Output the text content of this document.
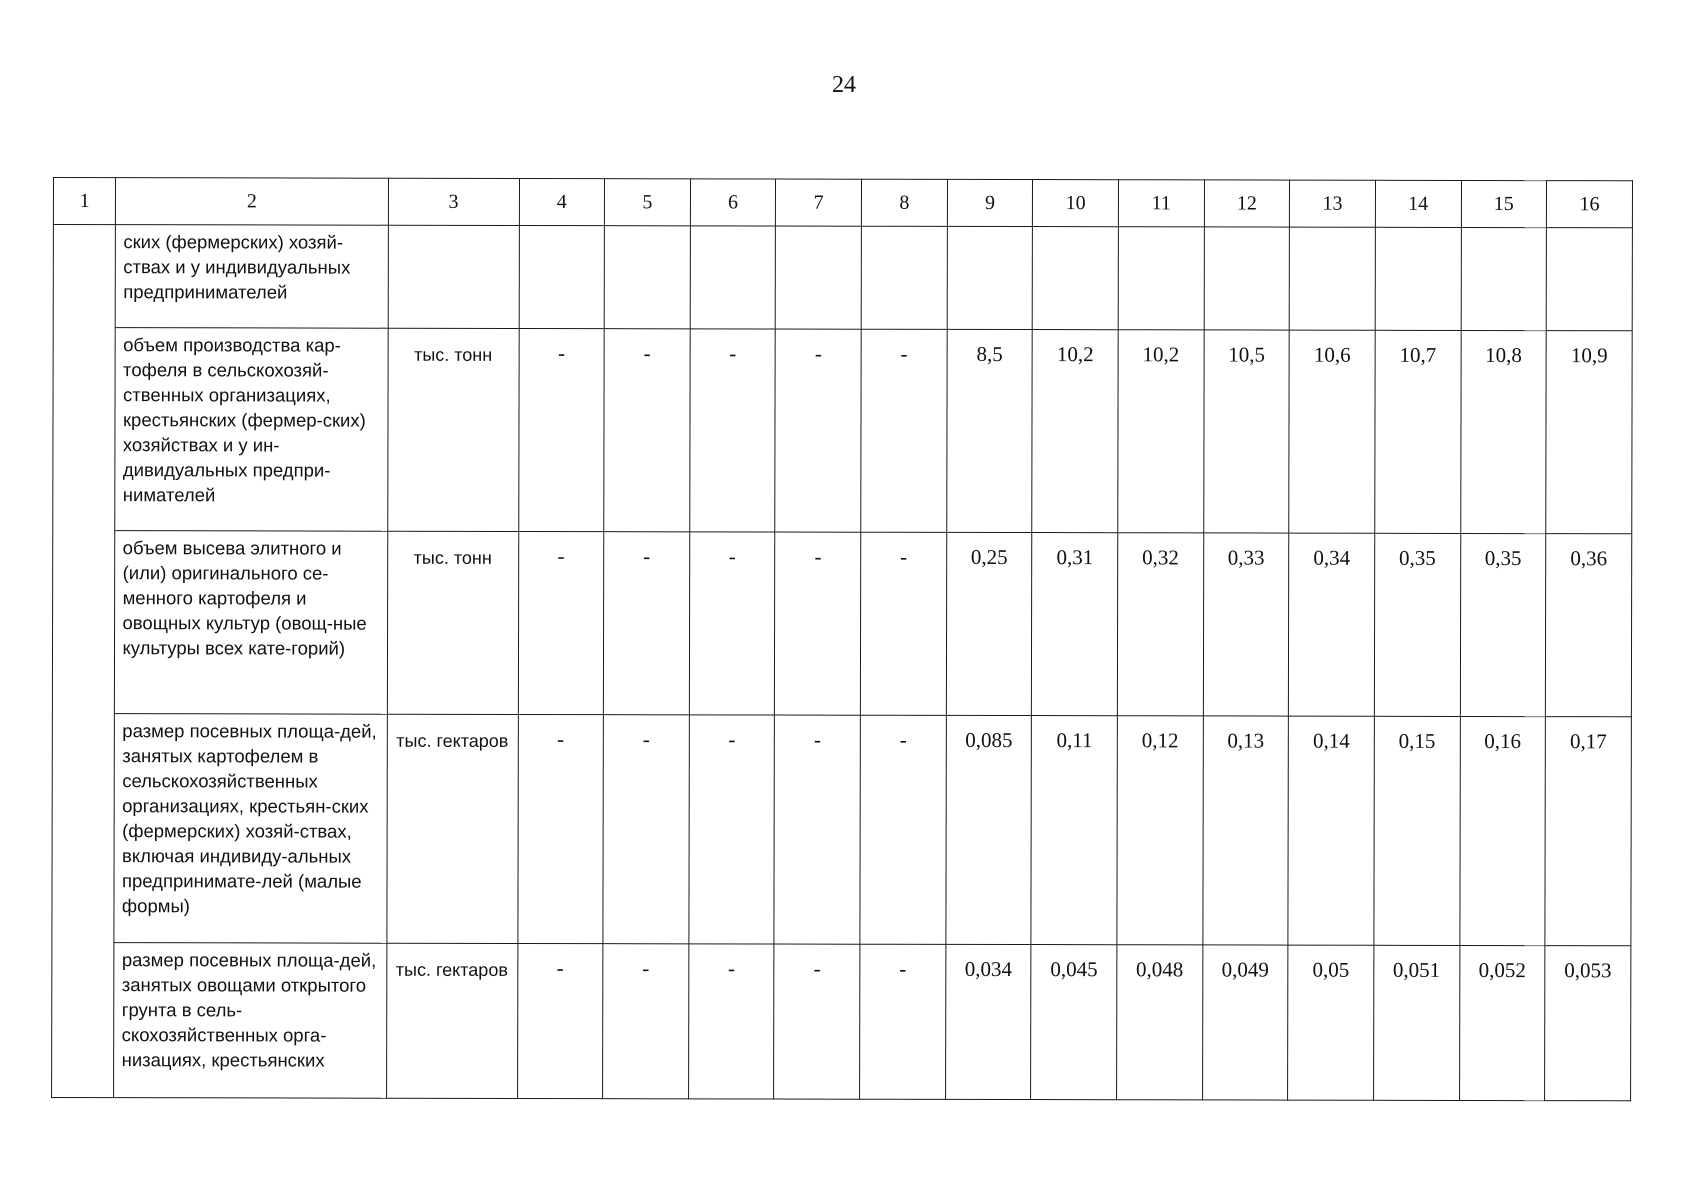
24
1	2	3	4	5	6	7	8	9	10	11	12	13	14	15	16
	ских (фермерских) хозяй-ствах и у индивидуальных предпринимателей														
	объем производства кар-тофеля в сельскохозяй-ственных организациях, крестьянских (фермер-ских) хозяйствах и у ин-дивидуальных предпри-нимателей	тыс. тонн	-	-	-	-	-	8,5	10,2	10,2	10,5	10,6	10,7	10,8	10,9
	объем высева элитного и (или) оригинального се-менного картофеля и овощных культур (овощ-ные культуры всех кате-горий)	тыс. тонн	-	-	-	-	-	0,25	0,31	0,32	0,33	0,34	0,35	0,35	0,36
	размер посевных площа-дей, занятых картофелем в сельскохозяйственных организациях, крестьян-ских (фермерских) хозяй-ствах, включая индивиду-альных предпринимате-лей (малые формы)	тыс. гектаров	-	-	-	-	-	0,085	0,11	0,12	0,13	0,14	0,15	0,16	0,17
	размер посевных площа-дей, занятых овощами открытого грунта в сель-скохозяйственных орга-низациях, крестьянских	тыс. гектаров	-	-	-	-	-	0,034	0,045	0,048	0,049	0,05	0,051	0,052	0,053
